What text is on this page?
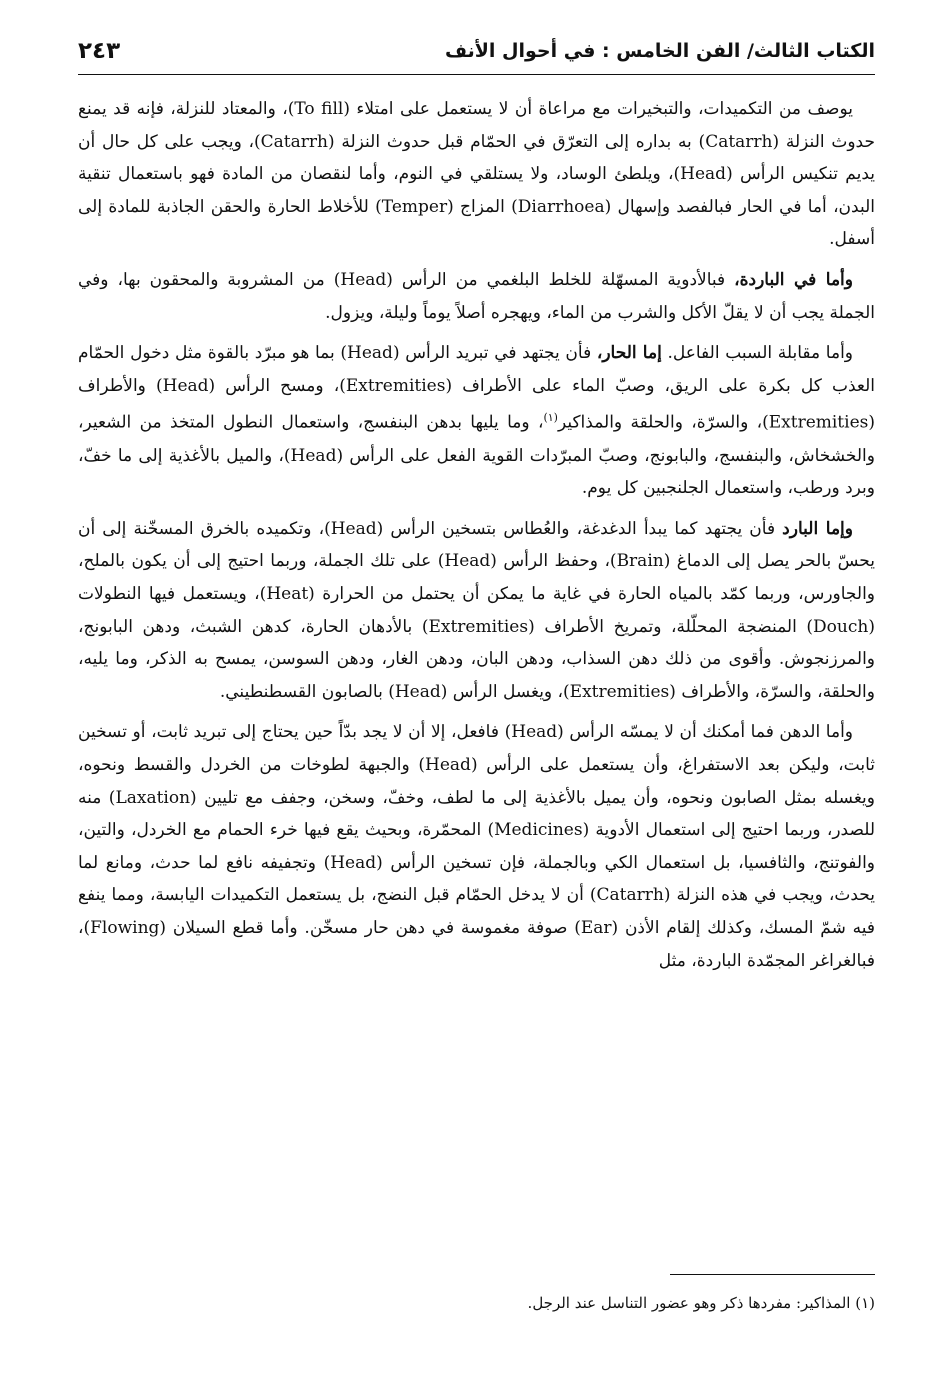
٢٤٣	الكتاب الثالث/ الفن الخامس : في أحوال الأنف

يوصف من التكميدات، والتبخيرات مع مراعاة أن لا يستعمل على امتلاء (To fill)، والمعتاد للنزلة، فإنه قد يمنع حدوث النزلة (Catarrh) به بداره إلى التعرّق في الحمّام قبل حدوث النزلة (Catarrh)، ويجب على كل حال أن يديم تنكيس الرأس (Head)، ويلطئ الوساد، ولا يستلقي في النوم، وأما لنقصان من المادة فهو باستعمال تنقية البدن، أما في الحار فبالفصد وإسهال (Diarrhoea) المزاج (Temper) للأخلاط الحارة والحقن الجاذبة للمادة إلى أسفل.

وأما في الباردة، فبالأدوية المسهّلة للخلط البلغمي من الرأس (Head) من المشروبة والمحقون بها، وفي الجملة يجب أن لا يقلّ الأكل والشرب من الماء، ويهجره أصلاً يوماً وليلة، ويزول.

وأما مقابلة السبب الفاعل. إما الحار، فأن يجتهد في تبريد الرأس (Head) بما هو مبرّد بالقوة مثل دخول الحمّام العذب كل بكرة على الريق، وصبّ الماء على الأطراف (Extremities)، ومسح الرأس (Head) والأطراف (Extremities)، والسرّة، والحلقة والمذاكير$^{(١)}$، وما يليها بدهن البنفسج، واستعمال النطول المتخذ من الشعير، والخشخاش، والبنفسج، والبابونج، وصبّ المبرّدات القوية الفعل على الرأس (Head)، والميل بالأغذية إلى ما خفّ، وبرد ورطب، واستعمال الجلنجبين كل يوم.

وإما البارد فأن يجتهد كما يبدأ الدغدغة، والعُطاس بتسخين الرأس (Head)، وتكميده بالخرق المسخّنة إلى أن يحسّ بالحر يصل إلى الدماغ (Brain)، وحفظ الرأس (Head) على تلك الجملة، وربما احتيج إلى أن يكون بالملح، والجاورس، وربما كمّد بالمياه الحارة في غاية ما يمكن أن يحتمل من الحرارة (Heat)، ويستعمل فيها النطولات (Douch) المنضجة المحلّلة، وتمريخ الأطراف (Extremities) بالأدهان الحارة، كدهن الشبث، ودهن البابونج، والمرزنجوش. وأقوى من ذلك دهن السذاب، ودهن البان، ودهن الغار، ودهن السوسن، يمسح به الذكر، وما يليه، والحلقة، والسرّة، والأطراف (Extremities)، ويغسل الرأس (Head) بالصابون القسطنطيني.

وأما الدهن فما أمكنك أن لا يمسّه الرأس (Head) فافعل، إلا أن لا يجد بدّاً حين يحتاج إلى تبريد ثابت، أو تسخين ثابت، وليكن بعد الاستفراغ، وأن يستعمل على الرأس (Head) والجبهة لطوخات من الخردل والقسط ونحوه، ويغسله بمثل الصابون ونحوه، وأن يميل بالأغذية إلى ما لطف، وخفّ، وسخن، وجفف مع تليين (Laxation) منه للصدر، وربما احتيج إلى استعمال الأدوية (Medicines) المحمّرة، وبحيث يقع فيها خرء الحمام مع الخردل، والتين، والفوتنج، والثافسيا، بل استعمال الكي وبالجملة، فإن تسخين الرأس (Head) وتجفيفه نافع لما حدث، ومانع لما يحدث، ويجب في هذه النزلة (Catarrh) أن لا يدخل الحمّام قبل النضج، بل يستعمل التكميدات اليابسة، ومما ينفع فيه شمّ المسك، وكذلك إلقام الأذن (Ear) صوفة مغموسة في دهن حار مسخّن. وأما قطع السيلان (Flowing)، فبالغراغر المجمّدة الباردة، مثل

(١) المذاكير: مفردها ذكر وهو عضور التناسل عند الرجل.
